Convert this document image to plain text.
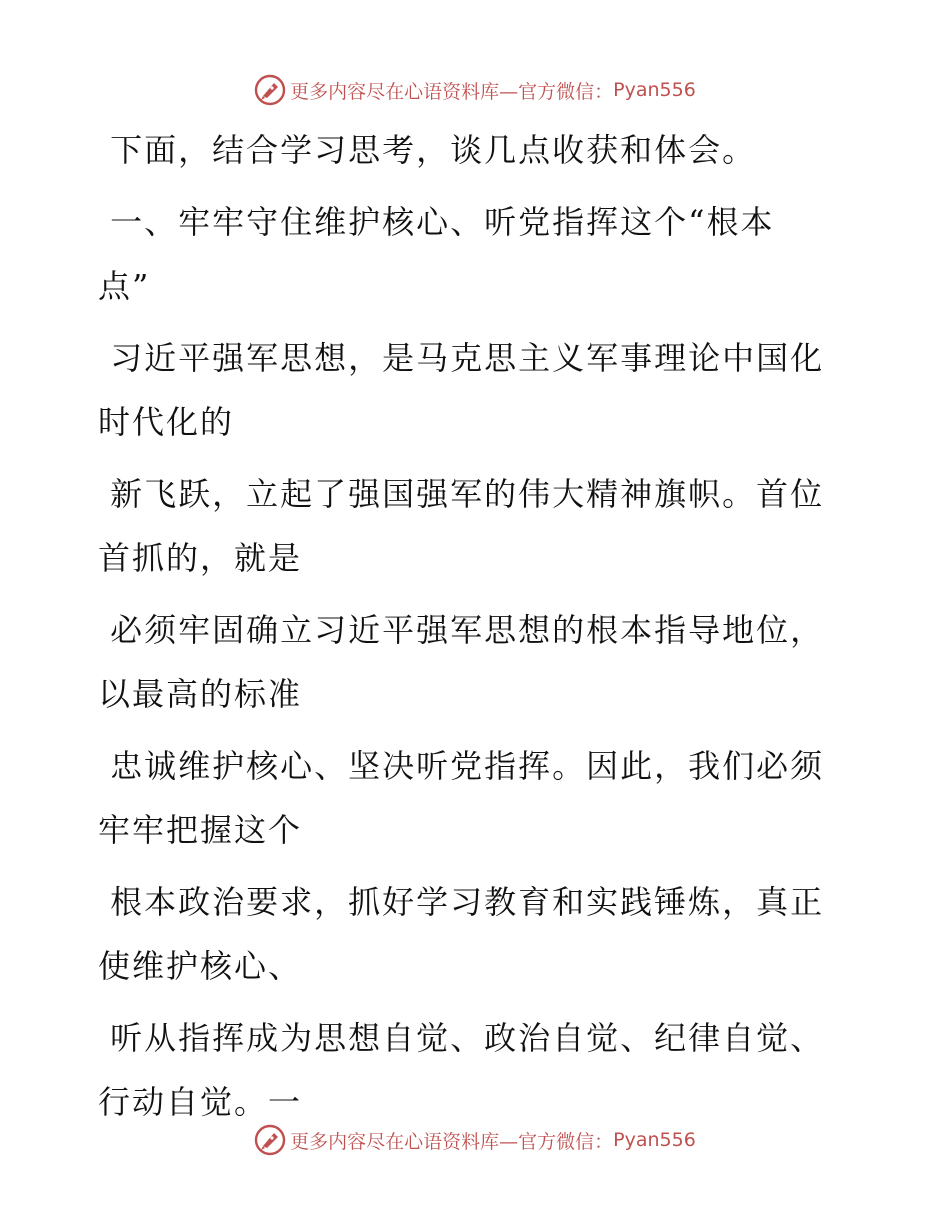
更多内容尽在心语资料库—官方微信： Pyan556

下面，结合学习思考，谈几点收获和体会。

一、牢牢守住维护核心、听党指挥这个“根本
点”

习近平强军思想，是马克思主义军事理论中国化
时代化的

新飞跃，立起了强国强军的伟大精神旗帜。首位
首抓的，就是

必须牢固确立习近平强军思想的根本指导地位，
以最高的标准

忠诚维护核心、坚决听党指挥。因此，我们必须
牢牢把握这个

根本政治要求，抓好学习教育和实践锤炼，真正
使维护核心、

听从指挥成为思想自觉、政治自觉、纪律自觉、
行动自觉。一

更多内容尽在心语资料库—官方微信： Pyan556
